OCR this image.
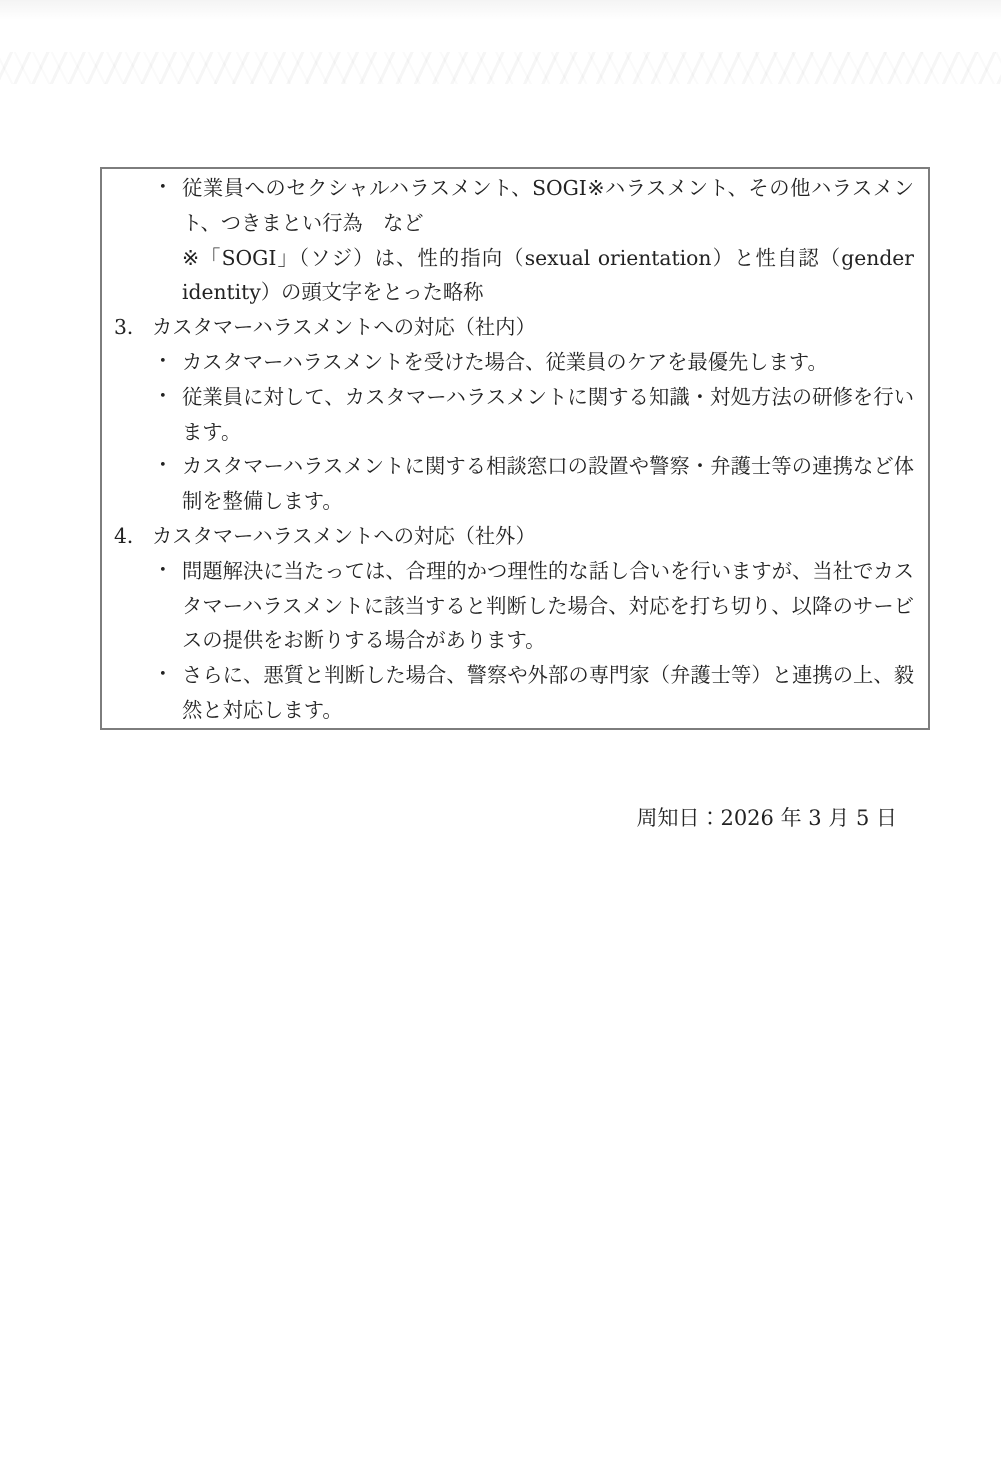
• 従業員へのセクシャルハラスメント、SOGI※ハラスメント、その他ハラスメント、つきまとい行為　など
※「SOGI」（ソジ）は、性的指向（sexual orientation）と性自認（gender identity）の頭文字をとった略称
3． カスタマーハラスメントへの対応（社内）
• カスタマーハラスメントを受けた場合、従業員のケアを最優先します。
• 従業員に対して、カスタマーハラスメントに関する知識・対処方法の研修を行います。
• カスタマーハラスメントに関する相談窓口の設置や警察・弁護士等の連携など体制を整備します。
4． カスタマーハラスメントへの対応（社外）
• 問題解決に当たっては、合理的かつ理性的な話し合いを行いますが、当社でカスタマーハラスメントに該当すると判断した場合、対応を打ち切り、以降のサービスの提供をお断りする場合があります。
• さらに、悪質と判断した場合、警察や外部の専門家（弁護士等）と連携の上、毅然と対応します。
周知日：2026 年 3 月 5 日
